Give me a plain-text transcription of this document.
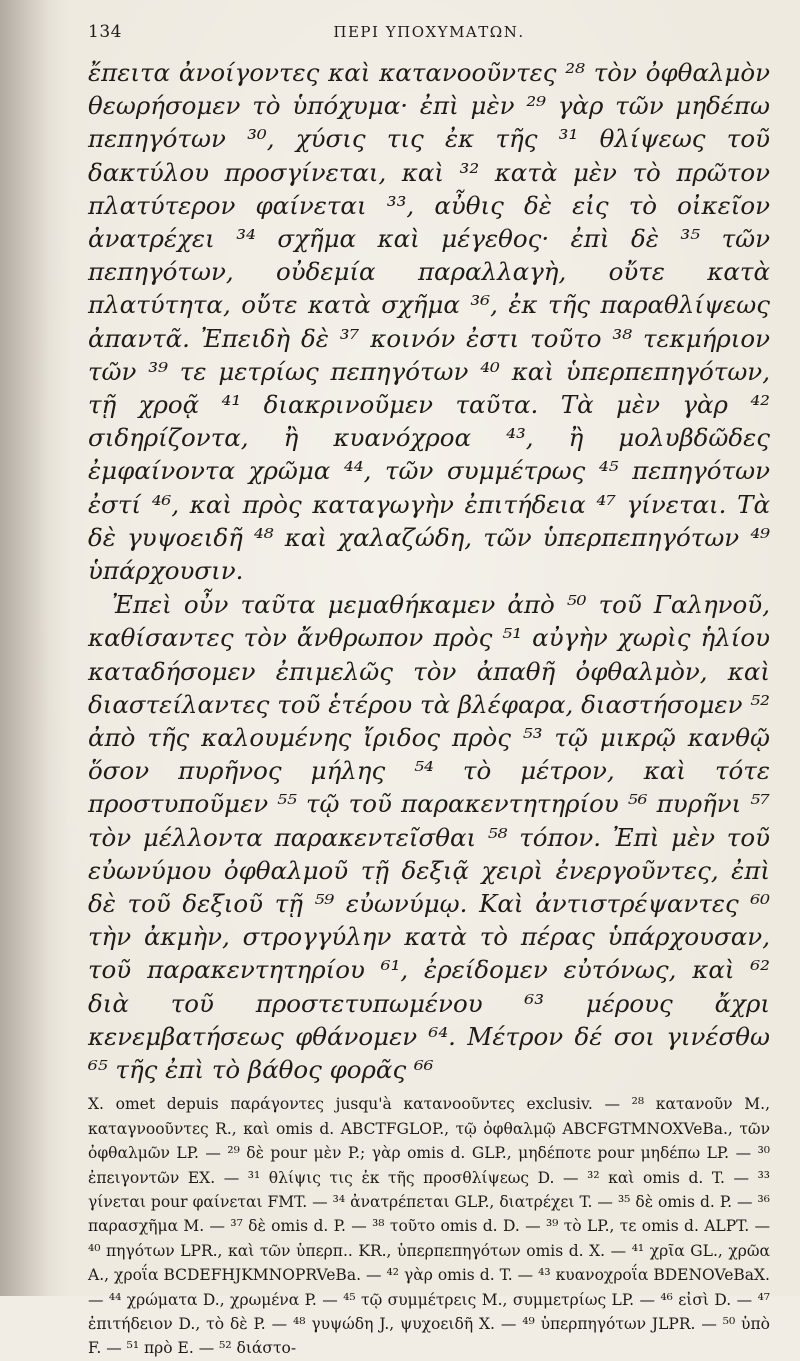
134	ΠΕΡΙ ΥΠΟΧΥΜΑΤΩΝ.

ἔπειτα ἀνοίγοντες καὶ κατανοοῦντες ²⁸ τὸν ὀφθαλμὸν θεωρήσομεν τὸ ὑπόχυμα· ἐπὶ μὲν ²⁹ γὰρ τῶν μηδέπω πεπηγότων ³⁰, χύσις τις ἐκ τῆς ³¹ θλίψεως τοῦ δακτύλου προσγίνεται, καὶ ³² κατὰ μὲν τὸ πρῶτον πλατύτερον φαίνεται ³³, αὖθις δὲ εἰς τὸ οἰκεῖον ἀνατρέχει ³⁴ σχῆμα καὶ μέγεθος· ἐπὶ δὲ ³⁵ τῶν πεπηγότων, οὐδεμία παραλλαγὴ, οὔτε κατὰ πλατύτητα, οὔτε κατὰ σχῆμα ³⁶, ἐκ τῆς παραθλίψεως ἀπαντᾶ. Ἐπειδὴ δὲ ³⁷ κοινόν ἐστι τοῦτο ³⁸ τεκμήριον τῶν ³⁹ τε μετρίως πεπηγότων ⁴⁰ καὶ ὑπερπεπηγότων, τῇ χροᾷ ⁴¹ διακρινοῦμεν ταῦτα. Τὰ μὲν γὰρ ⁴² σιδηρίζοντα, ἢ κυανόχροα ⁴³, ἢ μολυβδῶδες ἐμφαίνοντα χρῶμα ⁴⁴, τῶν συμμέτρως ⁴⁵ πεπηγότων ἐστί ⁴⁶, καὶ πρὸς καταγωγὴν ἐπιτήδεια ⁴⁷ γίνεται. Τὰ δὲ γυψοειδῆ ⁴⁸ καὶ χαλαζώδη, τῶν ὑπερπεπηγότων ⁴⁹ ὑπάρχουσιν.

Ἐπεὶ οὖν ταῦτα μεμαθήκαμεν ἀπὸ ⁵⁰ τοῦ Γαληνοῦ, καθίσαντες τὸν ἄνθρωπον πρὸς ⁵¹ αὐγὴν χωρὶς ἡλίου καταδήσομεν ἐπιμελῶς τὸν ἀπαθῆ ὀφθαλμὸν, καὶ διαστείλαντες τοῦ ἑτέρου τὰ βλέφαρα, διαστήσομεν ⁵² ἀπὸ τῆς καλουμένης ἴριδος πρὸς ⁵³ τῷ μικρῷ κανθῷ ὅσον πυρῆνος μήλης ⁵⁴ τὸ μέτρον, καὶ τότε προστυποῦμεν ⁵⁵ τῷ τοῦ παρακεντητηρίου ⁵⁶ πυρῆνι ⁵⁷ τὸν μέλλοντα παρακεντεῖσθαι ⁵⁸ τόπον. Ἐπὶ μὲν τοῦ εὐωνύμου ὀφθαλμοῦ τῇ δεξιᾷ χειρὶ ἐνεργοῦντες, ἐπὶ δὲ τοῦ δεξιοῦ τῇ ⁵⁹ εὐωνύμῳ. Καὶ ἀντιστρέψαντες ⁶⁰ τὴν ἀκμὴν, στρογγύλην κατὰ τὸ πέρας ὑπάρχουσαν, τοῦ παρακεντητηρίου ⁶¹, ἐρείδομεν εὐτόνως, καὶ ⁶² διὰ τοῦ προστετυπωμένου ⁶³ μέρους ἄχρι κενεμβατήσεως φθάνομεν ⁶⁴. Μέτρον δέ σοι γινέσθω ⁶⁵ τῆς ἐπὶ τὸ βάθος φορᾶς ⁶⁶

X. omet depuis παράγοντες jusqu'à κατανοοῦντες exclusiv. — ²⁸ κατανοῦν M., καταγνοοῦντες R., καὶ omis d. ABCTFGLOP., τῷ ὀφθαλμῷ ABCFGTMNOXVeBa., τῶν ὀφθαλμῶν LP. — ²⁹ δὲ pour μὲν P.; γὰρ omis d. GLP., μηδέποτε pour μηδέπω LP. — ³⁰ ἐπειγοντῶν EX. — ³¹ θλίψις τις ἐκ τῆς προσθλίψεως D. — ³² καὶ omis d. T. — ³³ γίνεται pour φαίνεται FMT. — ³⁴ ἀνατρέπεται GLP., διατρέχει T. — ³⁵ δὲ omis d. P. — ³⁶ παρασχῆμα M. — ³⁷ δὲ omis d. P. — ³⁸ τοῦτο omis d. D. — ³⁹ τὸ LP., τε omis d. ALPT. — ⁴⁰ πηγότων LPR., καὶ τῶν ὑπερπ.. KR., ὑπερπεπηγότων omis d. X. — ⁴¹ χρῖα GL., χρῶα A., χροΐα BCDEFHJKMNOPRVeBa. — ⁴² γὰρ omis d. T. — ⁴³ κυανοχροΐα BDENOVeBaX. — ⁴⁴ χρώματα D., χρωμένα P. — ⁴⁵ τῷ συμμέτρεις M., συμμετρίως LP. — ⁴⁶ εἰσὶ D. — ⁴⁷ ἐπιτήδειον D., τὸ δὲ P. — ⁴⁸ γυψώδη J., ψυχοειδῆ X. — ⁴⁹ ὑπερπηγότων JLPR. — ⁵⁰ ὑπὸ F. — ⁵¹ πρὸ E. — ⁵² διάστο-
